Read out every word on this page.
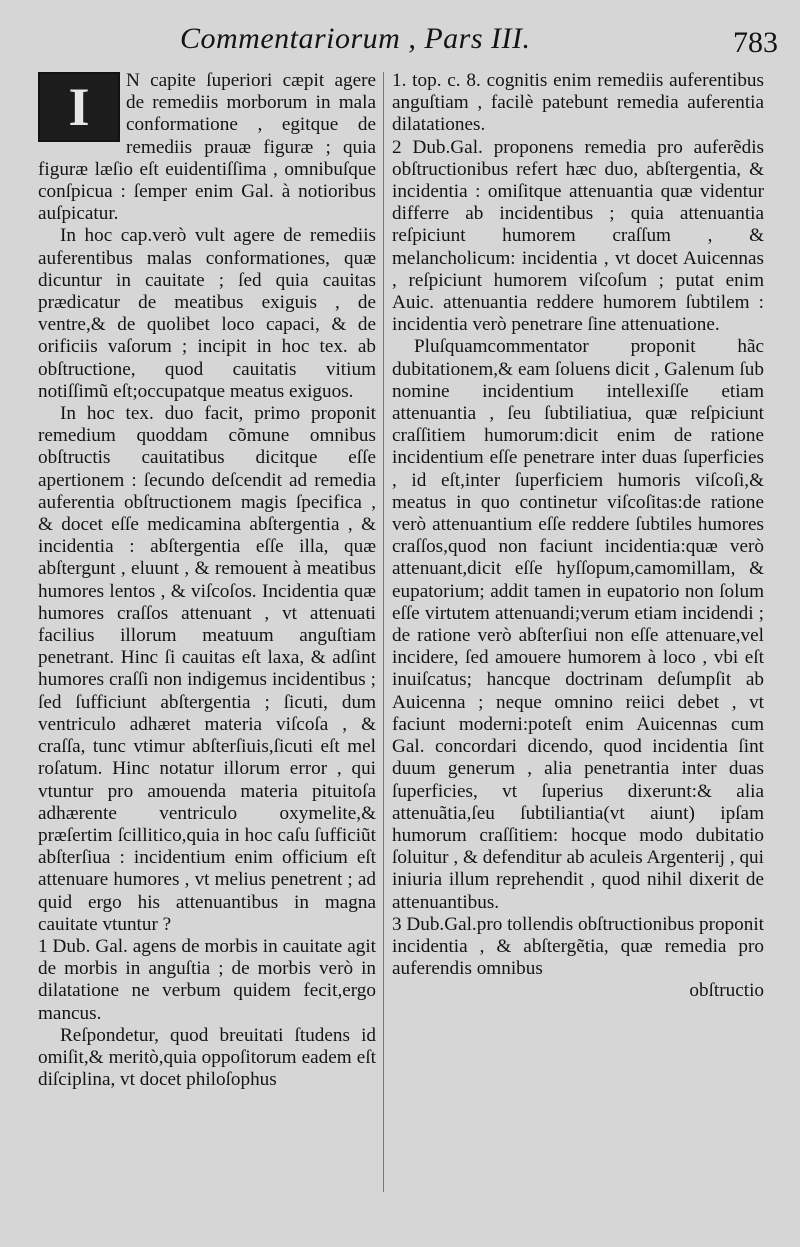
Commentariorum , Pars III.	783

I	N capite ſuperiori cæpit agere de remediis morborum in mala conformatione , egitque de remediis prauæ figuræ ; quia figuræ læſio eſt euidentiſſima , omnibuſque conſpicua : ſemper enim Gal. à notioribus auſpicatur.

In hoc cap.verò vult agere de remediis auferentibus malas conformationes, quæ dicuntur in cauitate ; ſed quia cauitas prædicatur de meatibus exiguis , de ventre,& de quolibet loco capaci, & de orificiis vaſorum ; incipit in hoc tex. ab obſtructione, quod cauitatis vitium notiſſimũ eſt;occupatque meatus exiguos.

In hoc tex. duo facit, primo proponit remedium quoddam cõmune omnibus obſtructis cauitatibus dicitque eſſe apertionem : ſecundo deſcendit ad remedia auferentia obſtructionem magis ſpecifica , & docet eſſe medicamina abſtergentia , & incidentia : abſtergentia eſſe illa, quæ abſtergunt , eluunt , & remouent à meatibus humores lentos , & viſcoſos. Incidentia quæ humores craſſos attenuant , vt attenuati facilius illorum meatuum anguſtiam penetrant. Hinc ſi cauitas eſt laxa, & adſint humores craſſi non indigemus incidentibus ; ſed ſufficiunt abſtergentia ; ſicuti, dum ventriculo adhæret materia viſcoſa , & craſſa, tunc vtimur abſterſiuis,ſicuti eſt mel roſatum. Hinc notatur illorum error , qui vtuntur pro amouenda materia pituitoſa adhærente ventriculo oxymelite,& præſertim ſcillitico,quia in hoc caſu ſufficiũt abſterſiua : incidentium enim officium eſt attenuare humores , vt melius penetrent ; ad quid ergo his attenuantibus in magna cauitate vtuntur ?

1 Dub. Gal. agens de morbis in cauitate agit de morbis in anguſtia ; de morbis verò in dilatatione ne verbum quidem fecit,ergo mancus.

Reſpondetur, quod breuitati ſtudens id omiſit,& meritò,quia oppoſitorum eadem eſt diſciplina, vt docet philoſophus

1. top. c. 8. cognitis enim remediis auferentibus anguſtiam , facilè patebunt remedia auferentia dilatationes.

2 Dub.Gal. proponens remedia pro auferẽdis obſtructionibus refert hæc duo, abſtergentia, & incidentia : omiſitque attenuantia quæ videntur differre ab incidentibus ; quia attenuantia reſpiciunt humorem craſſum , & melancholicum: incidentia , vt docet Auicennas , reſpiciunt humorem viſcoſum ; putat enim Auic. attenuantia reddere humorem ſubtilem : incidentia verò penetrare ſine attenuatione.

Pluſquamcommentator proponit hãc dubitationem,& eam ſoluens dicit , Galenum ſub nomine incidentium intellexiſſe etiam attenuantia , ſeu ſubtiliatiua, quæ reſpiciunt craſſitiem humorum:dicit enim de ratione incidentium eſſe penetrare inter duas ſuperficies , id eſt,inter ſuperficiem humoris viſcoſi,& meatus in quo continetur viſcoſitas:de ratione verò attenuantium eſſe reddere ſubtiles humores craſſos,quod non faciunt incidentia:quæ verò attenuant,dicit eſſe hyſſopum,camomillam, & eupatorium; addit tamen in eupatorio non ſolum eſſe virtutem attenuandi;verum etiam incidendi ; de ratione verò abſterſiui non eſſe attenuare,vel incidere, ſed amouere humorem à loco , vbi eſt inuiſcatus; hancque doctrinam deſumpſit ab Auicenna ; neque omnino reiici debet , vt faciunt moderni:poteſt enim Auicennas cum Gal. concordari dicendo, quod incidentia ſint duum generum , alia penetrantia inter duas ſuperficies, vt ſuperius dixerunt:& alia attenuãtia,ſeu ſubtiliantia(vt aiunt) ipſam humorum craſſitiem: hocque modo dubitatio ſoluitur , & defenditur ab aculeis Argenterij , qui iniuria illum reprehendit , quod nihil dixerit de attenuantibus.

3 Dub.Gal.pro tollendis obſtructionibus proponit incidentia , & abſtergẽtia, quæ remedia pro auferendis omnibus

obſtructio
